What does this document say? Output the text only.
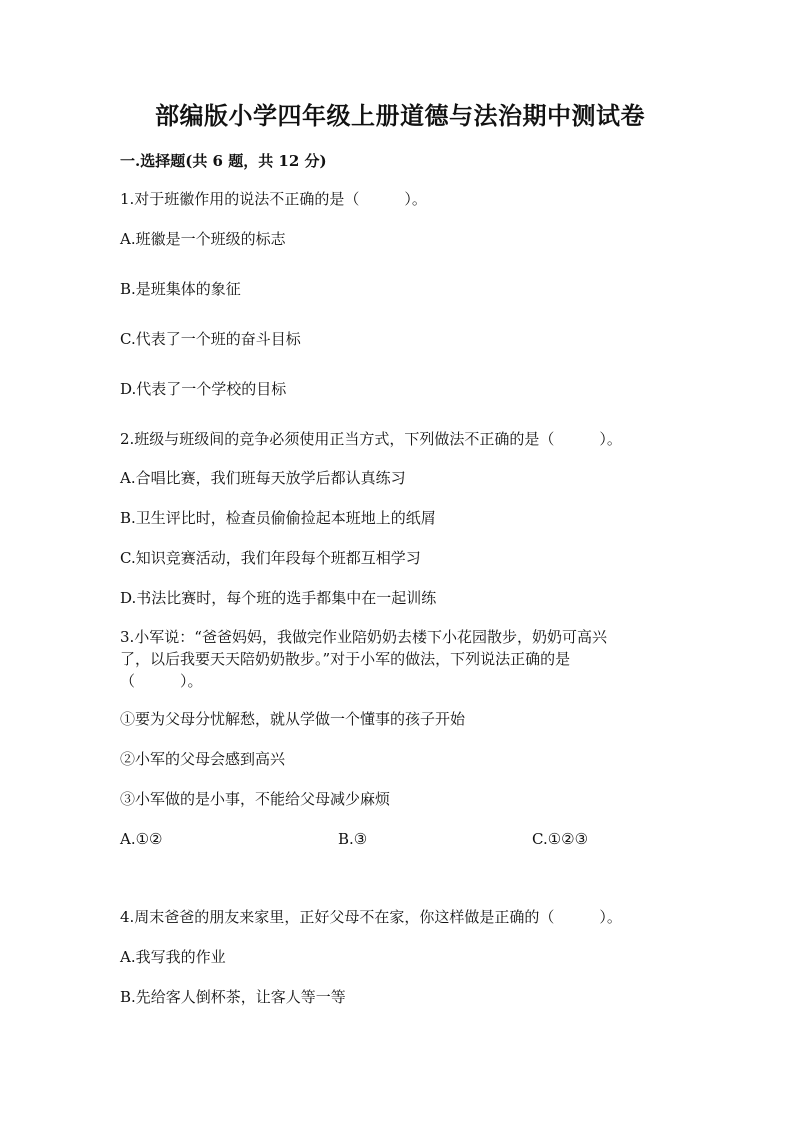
部编版小学四年级上册道德与法治期中测试卷

一.选择题(共 6 题，共 12 分)

1.对于班徽作用的说法不正确的是（　　　）。

A.班徽是一个班级的标志

B.是班集体的象征

C.代表了一个班的奋斗目标

D.代表了一个学校的目标

2.班级与班级间的竞争必须使用正当方式，下列做法不正确的是（　　　）。

A.合唱比赛，我们班每天放学后都认真练习

B.卫生评比时，检查员偷偷捡起本班地上的纸屑

C.知识竞赛活动，我们年段每个班都互相学习

D.书法比赛时，每个班的选手都集中在一起训练

3.小军说：“爸爸妈妈，我做完作业陪奶奶去楼下小花园散步，奶奶可高兴

了，以后我要天天陪奶奶散步。”对于小军的做法，下列说法正确的是

（　　　）。

①要为父母分忧解愁，就从学做一个懂事的孩子开始

②小军的父母会感到高兴

③小军做的是小事，不能给父母减少麻烦

A.①②	B.③	C.①②③

4.周末爸爸的朋友来家里，正好父母不在家，你这样做是正确的（　　　）。

A.我写我的作业

B.先给客人倒杯茶，让客人等一等
